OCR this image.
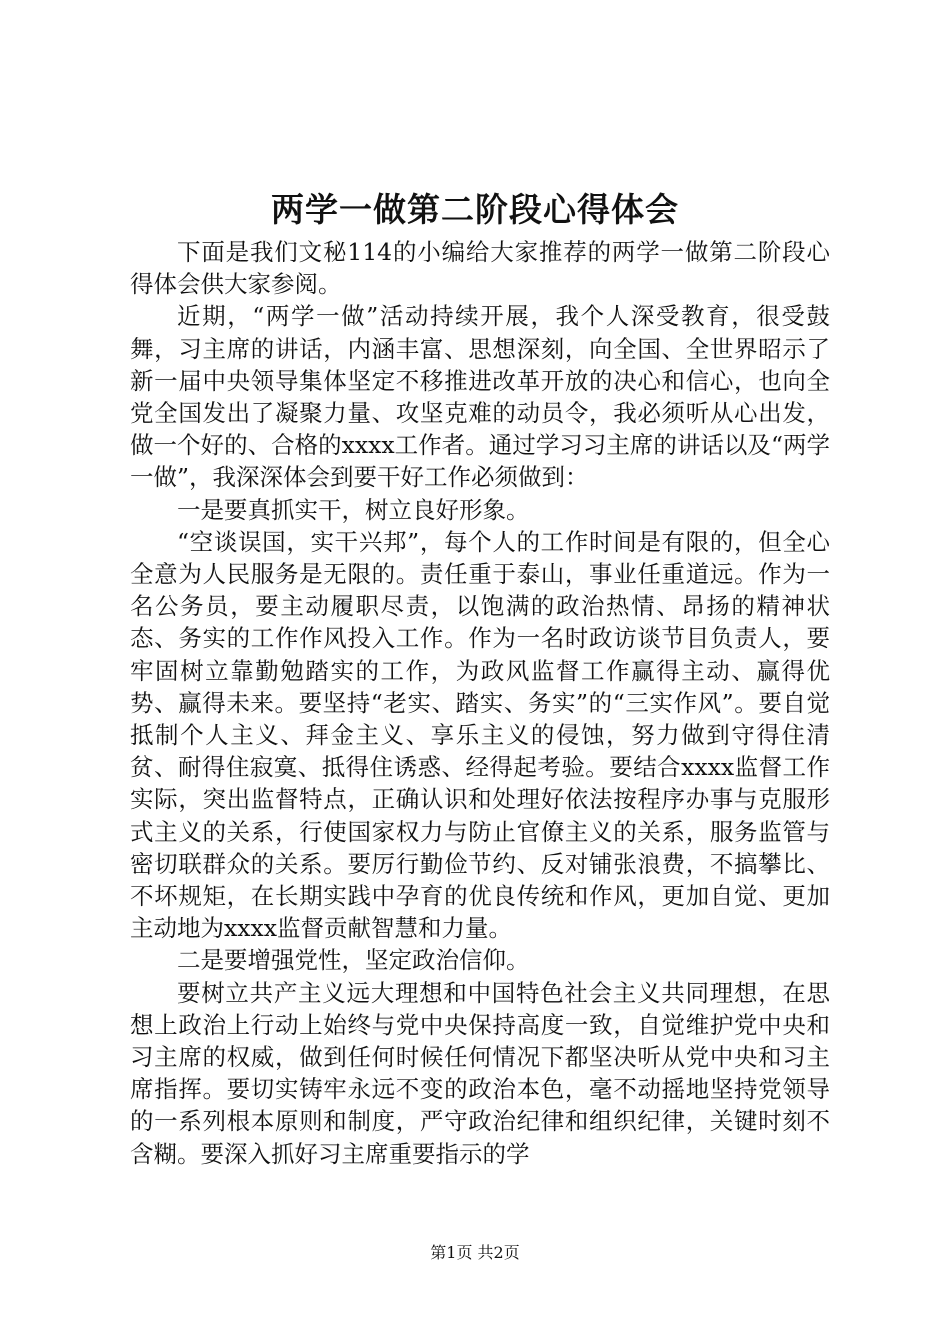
两学一做第二阶段心得体会

下面是我们文秘114的小编给大家推荐的两学一做第二阶段心得体会供大家参阅。

近期，“两学一做”活动持续开展，我个人深受教育，很受鼓舞，习主席的讲话，内涵丰富、思想深刻，向全国、全世界昭示了新一届中央领导集体坚定不移推进改革开放的决心和信心，也向全党全国发出了凝聚力量、攻坚克难的动员令，我必须听从心出发，做一个好的、合格的xxxx工作者。通过学习习主席的讲话以及“两学一做”，我深深体会到要干好工作必须做到：

一是要真抓实干，树立良好形象。

“空谈误国，实干兴邦”，每个人的工作时间是有限的，但全心全意为人民服务是无限的。责任重于泰山，事业任重道远。作为一名公务员，要主动履职尽责，以饱满的政治热情、昂扬的精神状态、务实的工作作风投入工作。作为一名时政访谈节目负责人，要牢固树立靠勤勉踏实的工作，为政风监督工作赢得主动、赢得优势、赢得未来。要坚持“老实、踏实、务实”的“三实作风”。要自觉抵制个人主义、拜金主义、享乐主义的侵蚀，努力做到守得住清贫、耐得住寂寞、抵得住诱惑、经得起考验。要结合xxxx监督工作实际，突出监督特点，正确认识和处理好依法按程序办事与克服形式主义的关系，行使国家权力与防止官僚主义的关系，服务监管与密切联群众的关系。要厉行勤俭节约、反对铺张浪费，不搞攀比、不坏规矩，在长期实践中孕育的优良传统和作风，更加自觉、更加主动地为xxxx监督贡献智慧和力量。

二是要增强党性，坚定政治信仰。

要树立共产主义远大理想和中国特色社会主义共同理想，在思想上政治上行动上始终与党中央保持高度一致，自觉维护党中央和习主席的权威，做到任何时候任何情况下都坚决听从党中央和习主席指挥。要切实铸牢永远不变的政治本色，毫不动摇地坚持党领导的一系列根本原则和制度，严守政治纪律和组织纪律，关键时刻不含糊。要深入抓好习主席重要指示的学

第1页 共2页
